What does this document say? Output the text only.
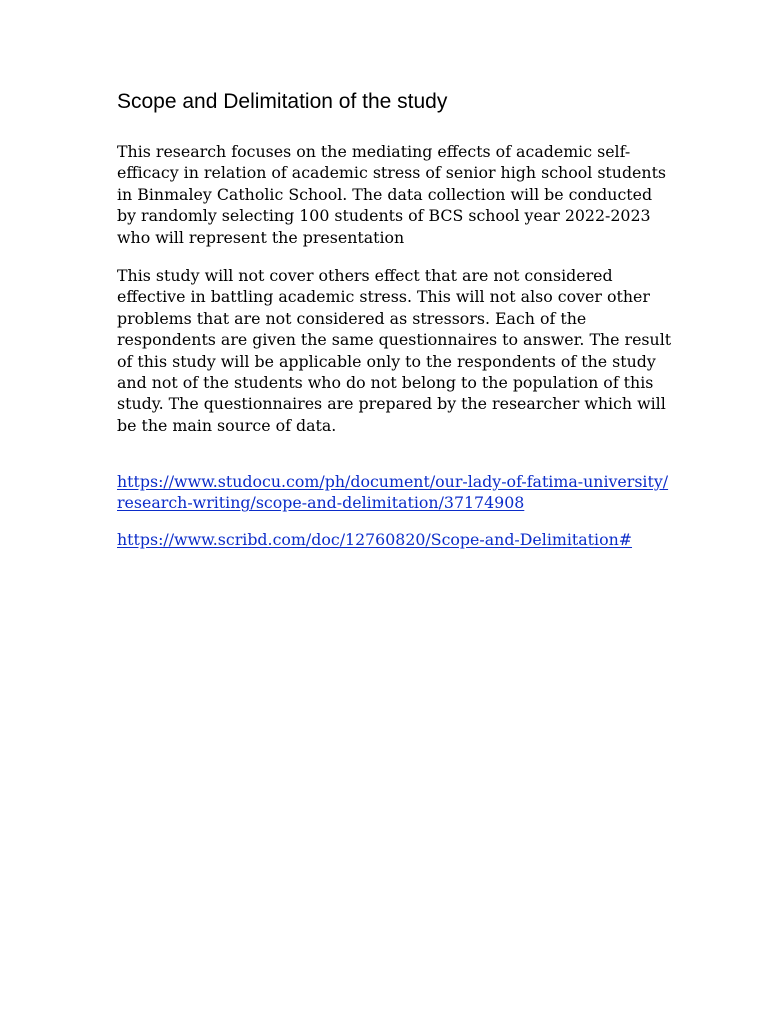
Scope and Delimitation of the study

This research focuses on the mediating effects of academic self-
efficacy in relation of academic stress of senior high school students
in Binmaley Catholic School. The data collection will be conducted
by randomly selecting 100 students of BCS school year 2022-2023
who will represent the presentation

This study will not cover others effect that are not considered
effective in battling academic stress. This will not also cover other
problems that are not considered as stressors. Each of the
respondents are given the same questionnaires to answer. The result
of this study will be applicable only to the respondents of the study
and not of the students who do not belong to the population of this
study. The questionnaires are prepared by the researcher which will
be the main source of data.

https://www.studocu.com/ph/document/our-lady-of-fatima-university/
research-writing/scope-and-delimitation/37174908

https://www.scribd.com/doc/12760820/Scope-and-Delimitation#
